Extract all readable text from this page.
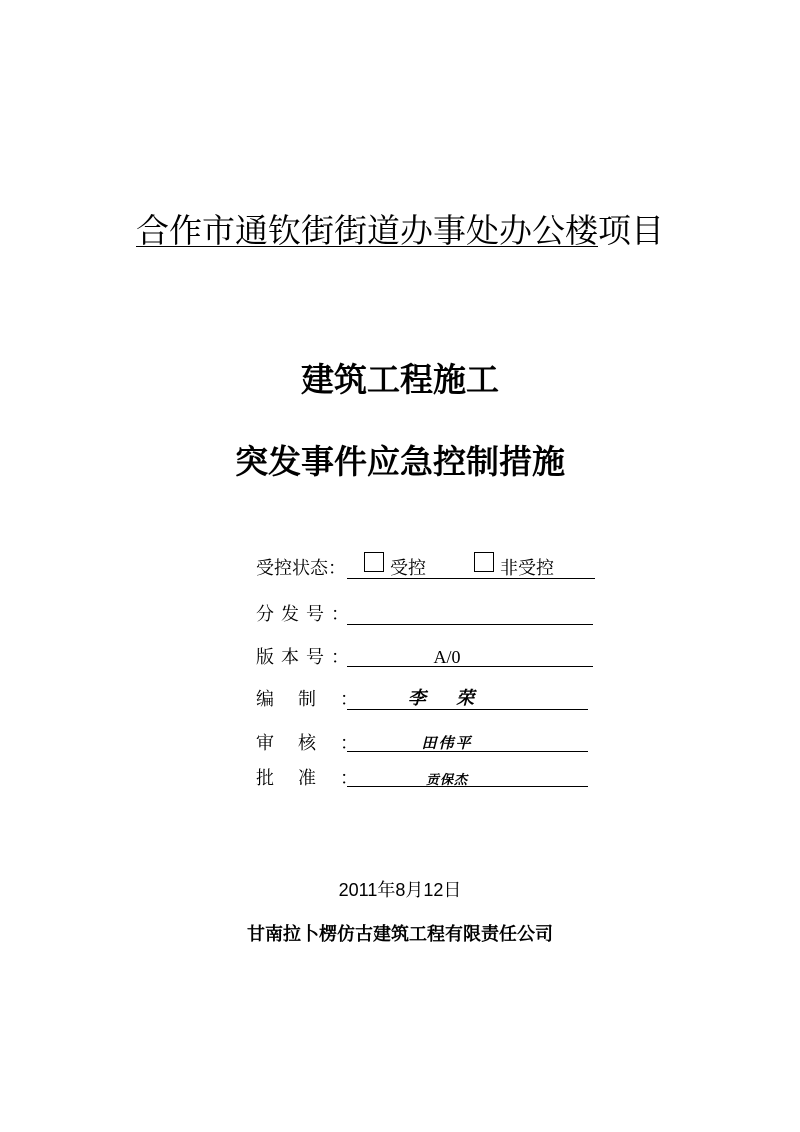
合作市通钦街街道办事处办公楼项目
建筑工程施工
突发事件应急控制措施
受控状态： 受控	非受控
分发号：
版本号：	A/0
编制：	李 荣
审核：	田伟平
批准：	贡保杰
2011年8月12日
甘南拉卜楞仿古建筑工程有限责任公司
